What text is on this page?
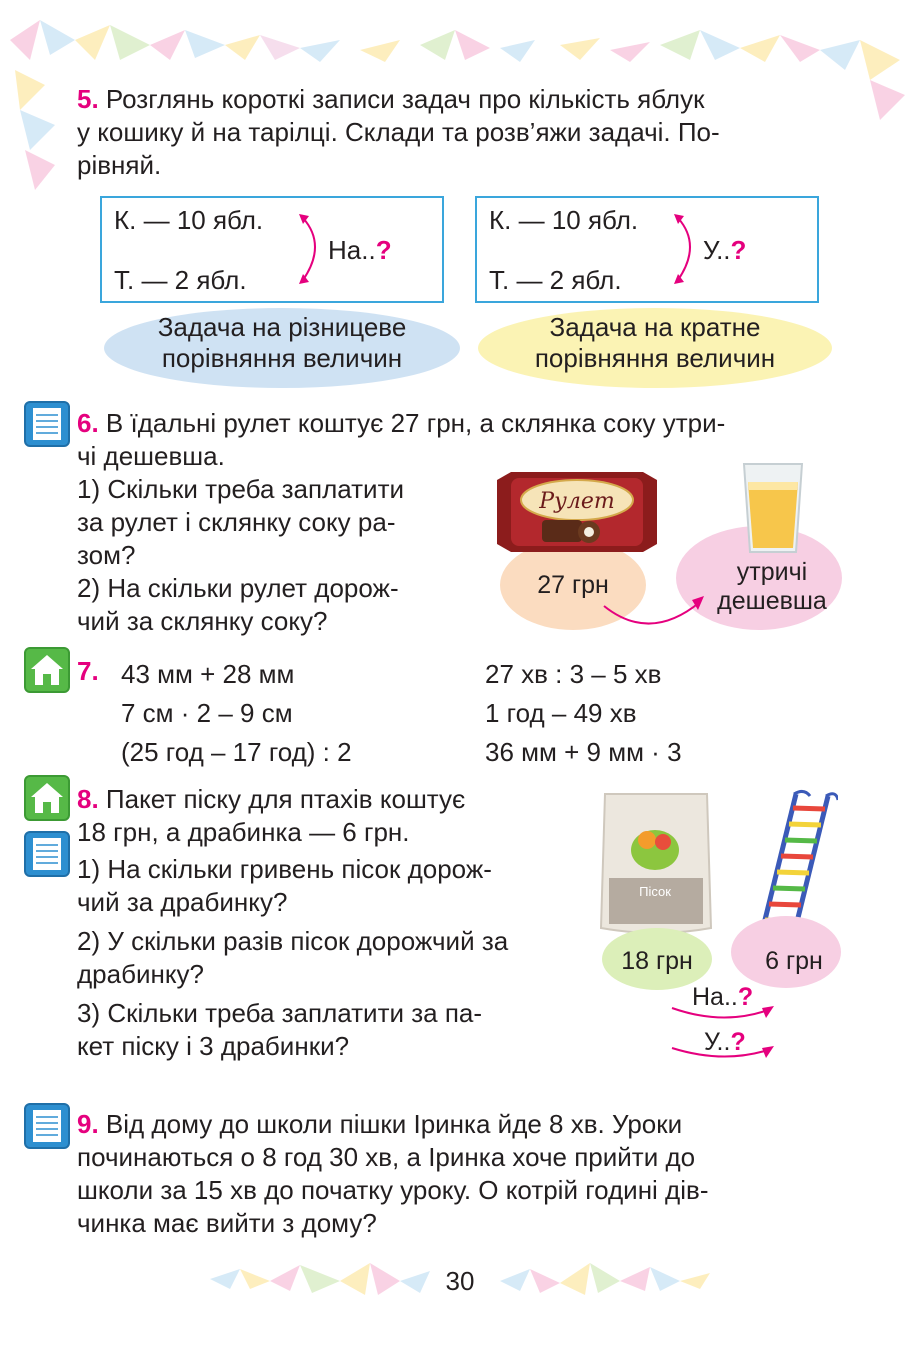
5. Розглянь короткі записи задач про кількість яблук
у кошику й на тарілці. Склади та розв’яжи задачі. По-
рівняй.
К. — 10 ябл.
Т. — 2 ябл.
На..?
К. — 10 ябл.
Т. — 2 ябл.
У..?
Задача на різницеве
порівняння величин
Задача на кратне
порівняння величин
6. В їдальні рулет коштує 27 грн, а склянка соку утри-
чі дешевша.
1) Скільки треба заплатити
за рулет і склянку соку ра-
зом?
2) На скільки рулет дорож-
чий за склянку соку?
Рулет
27 грн	утричі
дешевша
7. 43 мм + 28 мм
7 см · 2 – 9 см
(25 год – 17 год) : 2
27 хв : 3 – 5 хв
1 год – 49 хв
36 мм + 9 мм · 3
8. Пакет піску для птахів коштує
18 грн, а драбинка — 6 грн.
1) На скільки гривень пісок дорож-
чий за драбинку?
2) У скільки разів пісок дорожчий за
драбинку?
3) Скільки треба заплатити за па-
кет піску і 3 драбинки?
Пісок
18 грн	6 грн
На..?
У..?
9. Від дому до школи пішки Іринка йде 8 хв. Уроки
починаються о 8 год 30 хв, а Іринка хоче прийти до
школи за 15 хв до початку уроку. О котрій годині дів-
чинка має вийти з дому?
30
